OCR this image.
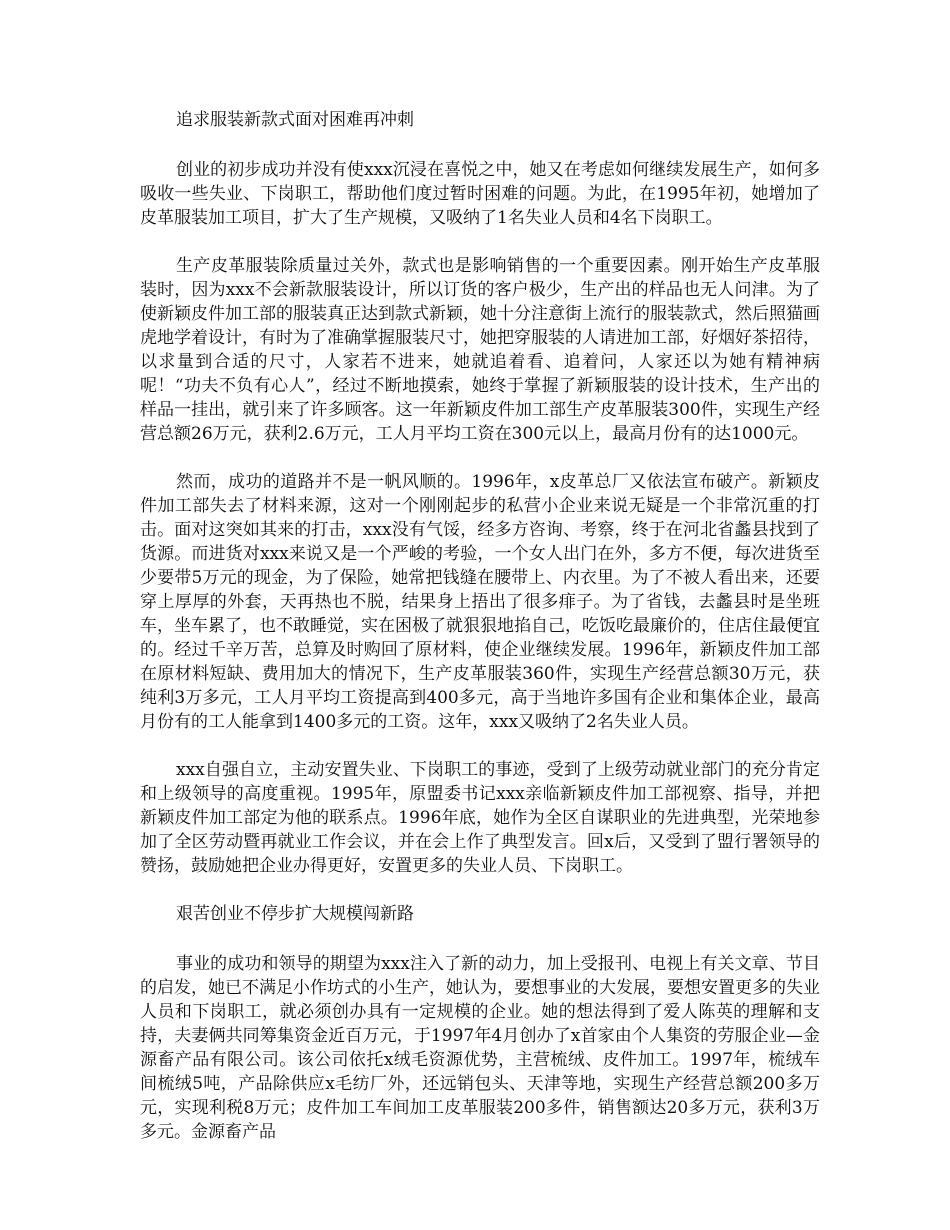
追求服装新款式面对困难再冲刺

创业的初步成功并没有使xxx沉浸在喜悦之中，她又在考虑如何继续发展生产，如何多吸收一些失业、下岗职工，帮助他们度过暂时困难的问题。为此，在1995年初，她增加了皮革服装加工项目，扩大了生产规模，又吸纳了1名失业人员和4名下岗职工。

生产皮革服装除质量过关外，款式也是影响销售的一个重要因素。刚开始生产皮革服装时，因为xxx不会新款服装设计，所以订货的客户极少，生产出的样品也无人问津。为了使新颖皮件加工部的服装真正达到款式新颖，她十分注意街上流行的服装款式，然后照猫画虎地学着设计，有时为了准确掌握服装尺寸，她把穿服装的人请进加工部，好烟好茶招待，以求量到合适的尺寸，人家若不进来，她就追着看、追着问，人家还以为她有精神病呢！“功夫不负有心人”，经过不断地摸索，她终于掌握了新颖服装的设计技术，生产出的样品一挂出，就引来了许多顾客。这一年新颖皮件加工部生产皮革服装300件，实现生产经营总额26万元，获利2.6万元，工人月平均工资在300元以上，最高月份有的达1000元。

然而，成功的道路并不是一帆风顺的。1996年，x皮革总厂又依法宣布破产。新颖皮件加工部失去了材料来源，这对一个刚刚起步的私营小企业来说无疑是一个非常沉重的打击。面对这突如其来的打击，xxx没有气馁，经多方咨询、考察，终于在河北省蠡县找到了货源。而进货对xxx来说又是一个严峻的考验，一个女人出门在外，多方不便，每次进货至少要带5万元的现金，为了保险，她常把钱缝在腰带上、内衣里。为了不被人看出来，还要穿上厚厚的外套，天再热也不脱，结果身上捂出了很多痱子。为了省钱，去蠡县时是坐班车，坐车累了，也不敢睡觉，实在困极了就狠狠地掐自己，吃饭吃最廉价的，住店住最便宜的。经过千辛万苦，总算及时购回了原材料，使企业继续发展。1996年，新颖皮件加工部在原材料短缺、费用加大的情况下，生产皮革服装360件，实现生产经营总额30万元，获纯利3万多元，工人月平均工资提高到400多元，高于当地许多国有企业和集体企业，最高月份有的工人能拿到1400多元的工资。这年，xxx又吸纳了2名失业人员。

xxx自强自立，主动安置失业、下岗职工的事迹，受到了上级劳动就业部门的充分肯定和上级领导的高度重视。1995年，原盟委书记xxx亲临新颖皮件加工部视察、指导，并把新颖皮件加工部定为他的联系点。1996年底，她作为全区自谋职业的先进典型，光荣地参加了全区劳动暨再就业工作会议，并在会上作了典型发言。回x后，又受到了盟行署领导的赞扬，鼓励她把企业办得更好，安置更多的失业人员、下岗职工。

艰苦创业不停步扩大规模闯新路

事业的成功和领导的期望为xxx注入了新的动力，加上受报刊、电视上有关文章、节目的启发，她已不满足小作坊式的小生产，她认为，要想事业的大发展，要想安置更多的失业人员和下岗职工，就必须创办具有一定规模的企业。她的想法得到了爱人陈英的理解和支持，夫妻俩共同筹集资金近百万元，于1997年4月创办了x首家由个人集资的劳服企业—金源畜产品有限公司。该公司依托x绒毛资源优势，主营梳绒、皮件加工。1997年，梳绒车间梳绒5吨，产品除供应x毛纺厂外，还远销包头、天津等地，实现生产经营总额200多万元，实现利税8万元；皮件加工车间加工皮革服装200多件，销售额达20多万元，获利3万多元。金源畜产品
